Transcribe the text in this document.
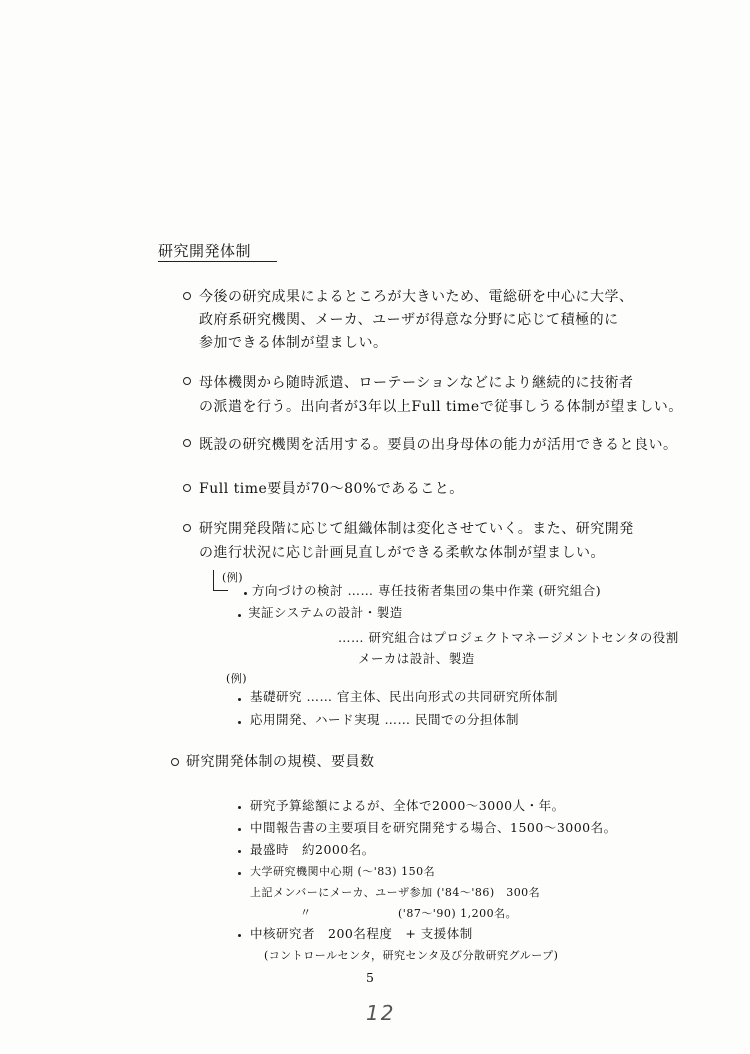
研究開発体制
今後の研究成果によるところが大きいため、電総研を中心に大学、
政府系研究機関、メーカ、ユーザが得意な分野に応じて積極的に
参加できる体制が望ましい。
母体機関から随時派遣、ローテーションなどにより継続的に技術者
の派遣を行う。出向者が3年以上Full timeで従事しうる体制が望ましい。
既設の研究機関を活用する。要員の出身母体の能力が活用できると良い。
Full time要員が70〜80%であること。
研究開発段階に応じて組織体制は変化させていく。また、研究開発
の進行状況に応じ計画見直しができる柔軟な体制が望ましい。
(例)
方向づけの検討 …… 専任技術者集団の集中作業 (研究組合)
実証システムの設計・製造
…… 研究組合はプロジェクトマネージメントセンタの役割
メーカは設計、製造
(例)
基礎研究 …… 官主体、民出向形式の共同研究所体制
応用開発、ハード実現 …… 民間での分担体制
研究開発体制の規模、要員数
研究予算総額によるが、全体で2000〜3000人・年。
中間報告書の主要項目を研究開発する場合、1500〜3000名。
最盛時　約2000名。
大学研究機関中心期 (〜'83) 150名
上記メンバーにメーカ、ユーザ参加 ('84〜'86)　300名
〃	('87〜'90) 1,200名。
中核研究者　200名程度　+ 支援体制
(コントロールセンタ，研究センタ及び分散研究グループ)
5
12
